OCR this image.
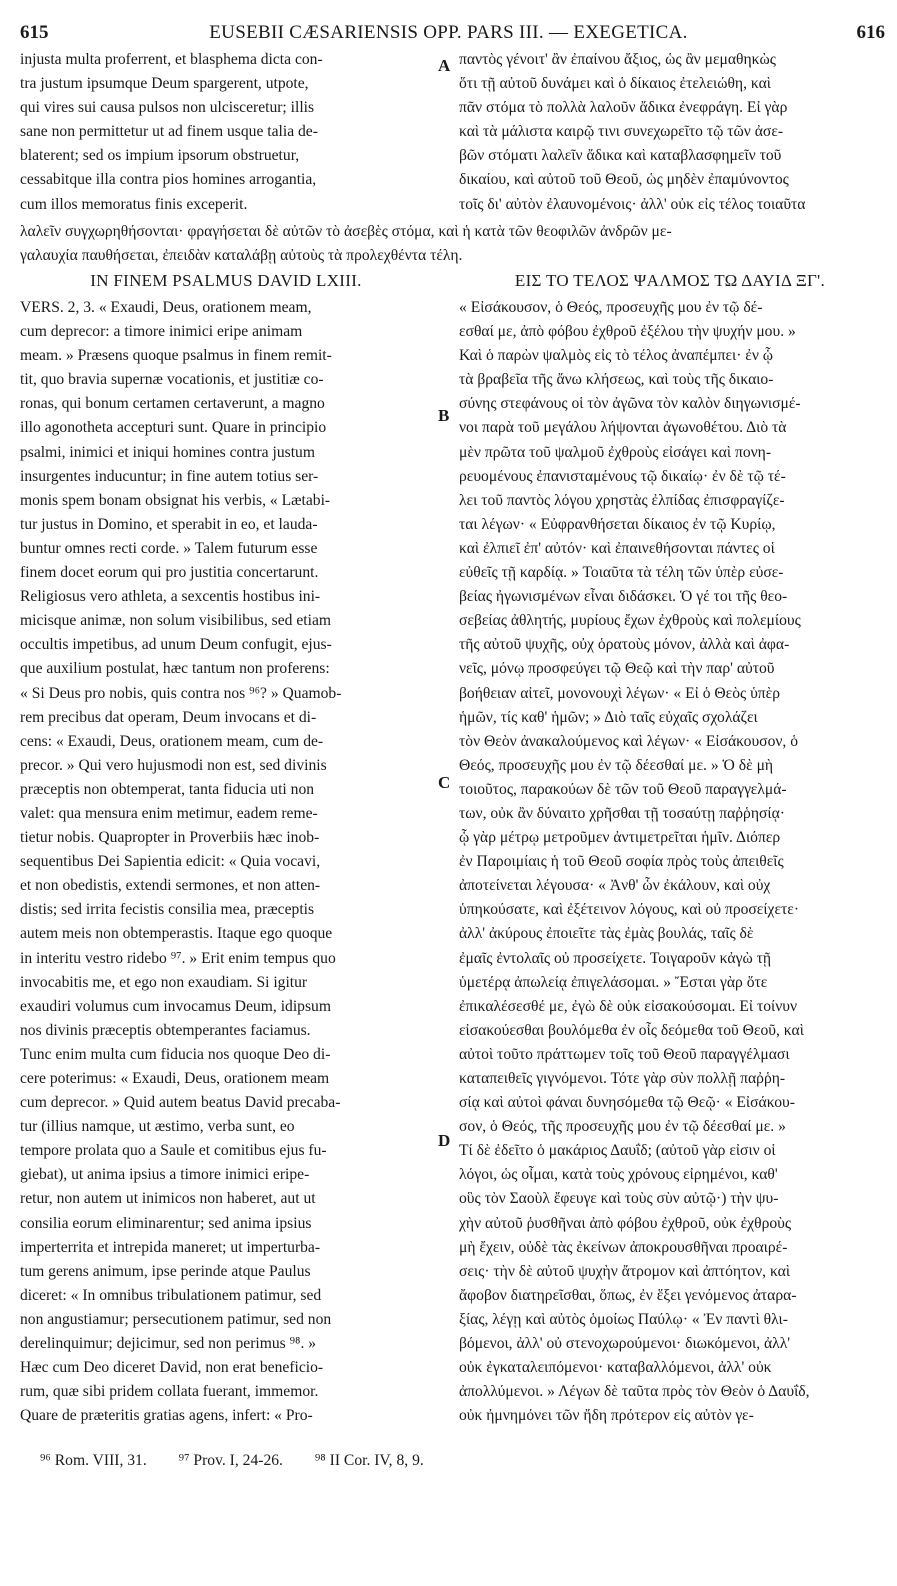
615	EUSEBII CÆSARIENSIS OPP. PARS III. — EXEGETICA.	616
injusta multa proferrent, et blasphema dicta con-
tra justum ipsumque Deum spargerent, utpote,
qui vires sui causa pulsos non ulcisceretur; illis
sane non permittetur ut ad finem usque talia de-
blaterent; sed os impium ipsorum obstruetur,
cessabitque illa contra pios homines arrogantia,
cum illos memoratus finis exceperit.
παντὸς γένοιτ' ἂν ἐπαίνου ἄξιος, ὡς ἂν μεμαθηκὼς
ὅτι τῇ αὐτοῦ δυνάμει καὶ ὁ δίκαιος ἐτελειώθη, καὶ
πᾶν στόμα τὸ πολλὰ λαλοῦν ἄδικα ἐνεφράγη. Εἰ γὰρ
καὶ τὰ μάλιστα καιρῷ τινι συνεχωρεῖτο τῷ τῶν ἀσε-
βῶν στόματι λαλεῖν ἄδικα καὶ καταβλασφημεῖν τοῦ
δικαίου, καὶ αὐτοῦ τοῦ Θεοῦ, ὡς μηδὲν ἐπαμύνοντος
τοῖς δι' αὐτὸν ἐλαυνομένοις· ἀλλ' οὐκ εἰς τέλος τοιαῦτα
λαλεῖν συγχωρηθήσονται· φραγήσεται δὲ αὐτῶν τὸ ἀσεβὲς στόμα, καὶ ἡ κατὰ τῶν θεοφιλῶν ἀνδρῶν με-
γαλαυχία παυθήσεται, ἐπειδὰν καταλάβῃ αὐτοὺς τὰ προλεχθέντα τέλη.
IN FINEM PSALMUS DAVID LXIII.	ΕΙΣ ΤΟ ΤΕΛΟΣ ΨΑΛΜΟΣ ΤΩ ΔΑΥΙΔ ΞΓ'.
VERS. 2, 3. « Exaudi, Deus, orationem meam,
cum deprecor: a timore inimici eripe animam
meam. » Præsens quoque psalmus in finem remit-
tit, quo bravia supernæ vocationis, et justitiæ co-
ronas, qui bonum certamen certaverunt, a magno
illo agonotheta accepturi sunt. Quare in principio
psalmi, inimici et iniqui homines contra justum
insurgentes inducuntur; in fine autem totius ser-
monis spem bonam obsignat his verbis, « Lætabi-
tur justus in Domino, et sperabit in eo, et lauda-
buntur omnes recti corde. » Talem futurum esse
finem docet eorum qui pro justitia concertarunt.
Religiosus vero athleta, a sexcentis hostibus ini-
micisque animæ, non solum visibilibus, sed etiam
occultis impetibus, ad unum Deum confugit, ejus-
que auxilium postulat, hæc tantum non proferens:
« Si Deus pro nobis, quis contra nos ⁹⁶? » Quamob-
rem precibus dat operam, Deum invocans et di-
cens: « Exaudi, Deus, orationem meam, cum de-
precor. » Qui vero hujusmodi non est, sed divinis
præceptis non obtemperat, tanta fiducia uti non
valet: qua mensura enim metimur, eadem reme-
tietur nobis. Quapropter in Proverbiis hæc inob-
sequentibus Dei Sapientia edicit: « Quia vocavi,
et non obedistis, extendi sermones, et non atten-
distis; sed irrita fecistis consilia mea, præceptis
autem meis non obtemperastis. Itaque ego quoque
in interitu vestro ridebo ⁹⁷. » Erit enim tempus quo
invocabitis me, et ego non exaudiam. Si igitur
exaudiri volumus cum invocamus Deum, idipsum
nos divinis præceptis obtemperantes faciamus.
Tunc enim multa cum fiducia nos quoque Deo di-
cere poterimus: « Exaudi, Deus, orationem meam
cum deprecor. » Quid autem beatus David precaba-
tur (illius namque, ut æstimo, verba sunt, eo
tempore prolata quo a Saule et comitibus ejus fu-
giebat), ut anima ipsius a timore inimici eripe-
retur, non autem ut inimicos non haberet, aut ut
consilia eorum eliminarentur; sed anima ipsius
imperterrita et intrepida maneret; ut imperturba-
tum gerens animum, ipse perinde atque Paulus
diceret: « In omnibus tribulationem patimur, sed
non angustiamur; persecutionem patimur, sed non
derelinquimur; dejicimur, sed non perimus ⁹⁸. »
Hæc cum Deo diceret David, non erat beneficio-
rum, quæ sibi pridem collata fuerant, immemor.
Quare de præteritis gratias agens, infert: « Pro-
« Εἰσάκουσον, ὁ Θεός, προσευχῆς μου ἐν τῷ δέ-
εσθαί με, ἀπὸ φόβου ἐχθροῦ ἐξέλου τὴν ψυχήν μου. »
Καὶ ὁ παρὼν ψαλμὸς εἰς τὸ τέλος ἀναπέμπει· ἐν ᾧ
τὰ βραβεῖα τῆς ἄνω κλήσεως, καὶ τοὺς τῆς δικαιο-
σύνης στεφάνους οἱ τὸν ἀγῶνα τὸν καλὸν διηγωνισμέ-
νοι παρὰ τοῦ μεγάλου λήψονται ἀγωνοθέτου. Διὸ τὰ
μὲν πρῶτα τοῦ ψαλμοῦ ἐχθροὺς εἰσάγει καὶ πονη-
ρευομένους ἐπανισταμένους τῷ δικαίῳ· ἐν δὲ τῷ τέ-
λει τοῦ παντὸς λόγου χρηστὰς ἐλπίδας ἐπισφραγίζε-
ται λέγων· « Εὐφρανθήσεται δίκαιος ἐν τῷ Κυρίῳ,
καὶ ἐλπιεῖ ἐπ' αὐτόν· καὶ ἐπαινεθήσονται πάντες οἱ
εὐθεῖς τῇ καρδίᾳ. » Τοιαῦτα τὰ τέλη τῶν ὑπὲρ εὐσε-
βείας ἠγωνισμένων εἶναι διδάσκει. Ὁ γέ τοι τῆς θεο-
σεβείας ἀθλητής, μυρίους ἔχων ἐχθροὺς καὶ πολεμίους
τῆς αὐτοῦ ψυχῆς, οὐχ ὁρατοὺς μόνον, ἀλλὰ καὶ ἀφα-
νεῖς, μόνῳ προσφεύγει τῷ Θεῷ καὶ τὴν παρ' αὐτοῦ
βοήθειαν αἰτεῖ, μονονουχὶ λέγων· « Εἰ ὁ Θεὸς ὑπὲρ
ἡμῶν, τίς καθ' ἡμῶν; » Διὸ ταῖς εὐχαῖς σχολάζει
τὸν Θεὸν ἀνακαλούμενος καὶ λέγων· « Εἰσάκουσον, ὁ
Θεός, προσευχῆς μου ἐν τῷ δέεσθαί με. » Ὁ δὲ μὴ
τοιοῦτος, παρακούων δὲ τῶν τοῦ Θεοῦ παραγγελμά-
των, οὐκ ἂν δύναιτο χρῆσθαι τῇ τοσαύτῃ παῤῥησίᾳ·
ᾧ γὰρ μέτρῳ μετροῦμεν ἀντιμετρεῖται ἡμῖν. Διόπερ
ἐν Παροιμίαις ἡ τοῦ Θεοῦ σοφία πρὸς τοὺς ἀπειθεῖς
ἀποτείνεται λέγουσα· « Ἀνθ' ὧν ἐκάλουν, καὶ οὐχ
ὑπηκούσατε, καὶ ἐξέτεινον λόγους, καὶ οὐ προσείχετε·
ἀλλ' ἀκύρους ἐποιεῖτε τὰς ἐμὰς βουλάς, ταῖς δὲ
ἐμαῖς ἐντολαῖς οὐ προσείχετε. Τοιγαροῦν κἀγὼ τῇ
ὑμετέρᾳ ἀπωλείᾳ ἐπιγελάσομαι. » Ἔσται γὰρ ὅτε
ἐπικαλέσεσθέ με, ἐγὼ δὲ οὐκ εἰσακούσομαι. Εἰ τοίνυν
εἰσακούεσθαι βουλόμεθα ἐν οἷς δεόμεθα τοῦ Θεοῦ, καὶ
αὐτοὶ τοῦτο πράττωμεν τοῖς τοῦ Θεοῦ παραγγέλμασι
καταπειθεῖς γιγνόμενοι. Τότε γὰρ σὺν πολλῇ παῤῥη-
σίᾳ καὶ αὐτοὶ φάναι δυνησόμεθα τῷ Θεῷ· « Εἰσάκου-
σον, ὁ Θεός, τῆς προσευχῆς μου ἐν τῷ δέεσθαί με. »
Τί δὲ ἐδεῖτο ὁ μακάριος Δαυΐδ; (αὐτοῦ γὰρ εἰσιν οἱ
λόγοι, ὡς οἶμαι, κατὰ τοὺς χρόνους εἰρημένοι, καθ'
οὓς τὸν Σαοὺλ ἔφευγε καὶ τοὺς σὺν αὐτῷ·) τὴν ψυ-
χὴν αὐτοῦ ῥυσθῆναι ἀπὸ φόβου ἐχθροῦ, οὐκ ἐχθροὺς
μὴ ἔχειν, οὐδὲ τὰς ἐκείνων ἀποκρουσθῆναι προαιρέ-
σεις· τὴν δὲ αὐτοῦ ψυχὴν ἄτρομον καὶ ἀπτόητον, καὶ
ἄφοβον διατηρεῖσθαι, ὅπως, ἐν ἕξει γενόμενος ἀταρα-
ξίας, λέγῃ καὶ αὐτὸς ὁμοίως Παύλῳ· « Ἐν παντὶ θλι-
βόμενοι, ἀλλ' οὐ στενοχωρούμενοι· διωκόμενοι, ἀλλ'
οὐκ ἐγκαταλειπόμενοι· καταβαλλόμενοι, ἀλλ' οὐκ
ἀπολλύμενοι. » Λέγων δὲ ταῦτα πρὸς τὸν Θεὸν ὁ Δαυΐδ,
οὐκ ἠμνημόνει τῶν ἤδη πρότερον εἰς αὐτὸν γε-
A
B
C
D
⁹⁶ Rom. VIII, 31. ⁹⁷ Prov. I, 24-26. ⁹⁸ II Cor. IV, 8, 9.
